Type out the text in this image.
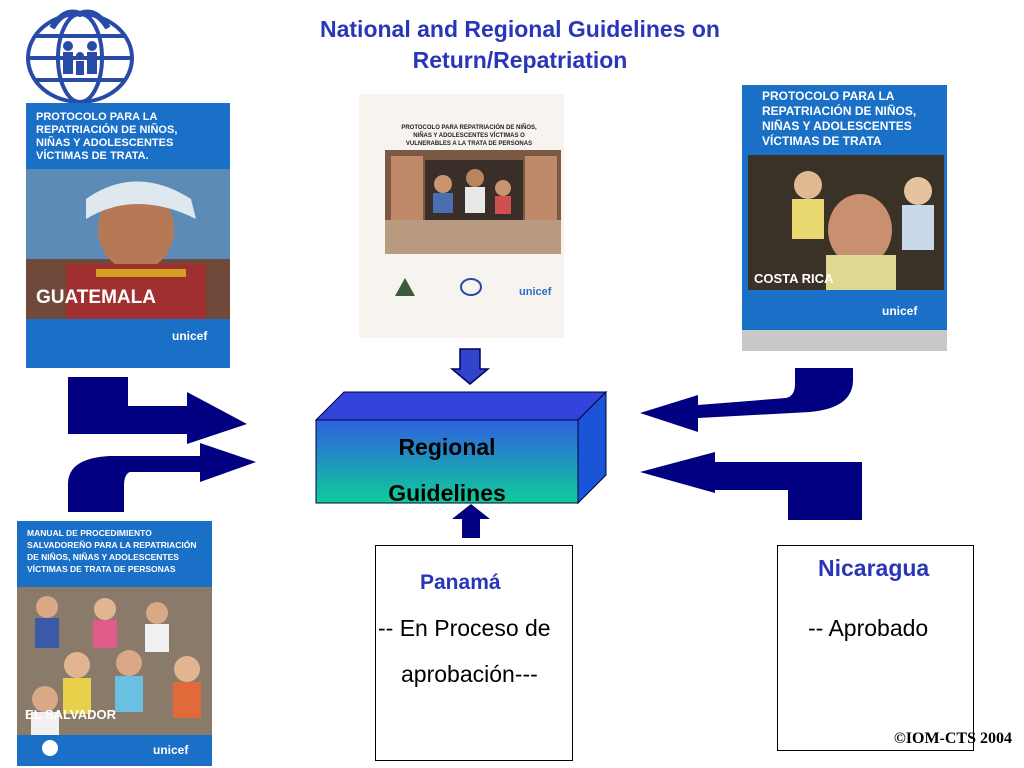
National and Regional Guidelines on
Return/Repatriation
PROTOCOLO PARA LA
REPATRIACIÓN DE NIÑOS,
NIÑAS Y ADOLESCENTES
VÍCTIMAS DE TRATA.
GUATEMALA
unicef
PROTOCOLO PARA REPATRIACIÓN DE NIÑOS,
NIÑAS Y ADOLESCENTES VÍCTIMAS O
VULNERABLES A LA TRATA DE PERSONAS
unicef
PROTOCOLO PARA LA
REPATRIACIÓN DE NIÑOS,
NIÑAS Y ADOLESCENTES
VÍCTIMAS DE TRATA
COSTA RICA
unicef
MANUAL DE PROCEDIMIENTO
SALVADOREÑO PARA LA REPATRIACIÓN
DE NIÑOS, NIÑAS Y ADOLESCENTES
VÍCTIMAS DE TRATA DE PERSONAS
EL SALVADOR
unicef
Regional
Guidelines
Panamá
-- En Proceso de
aprobación---
Nicaragua
-- Aprobado
©IOM-CTS 2004
